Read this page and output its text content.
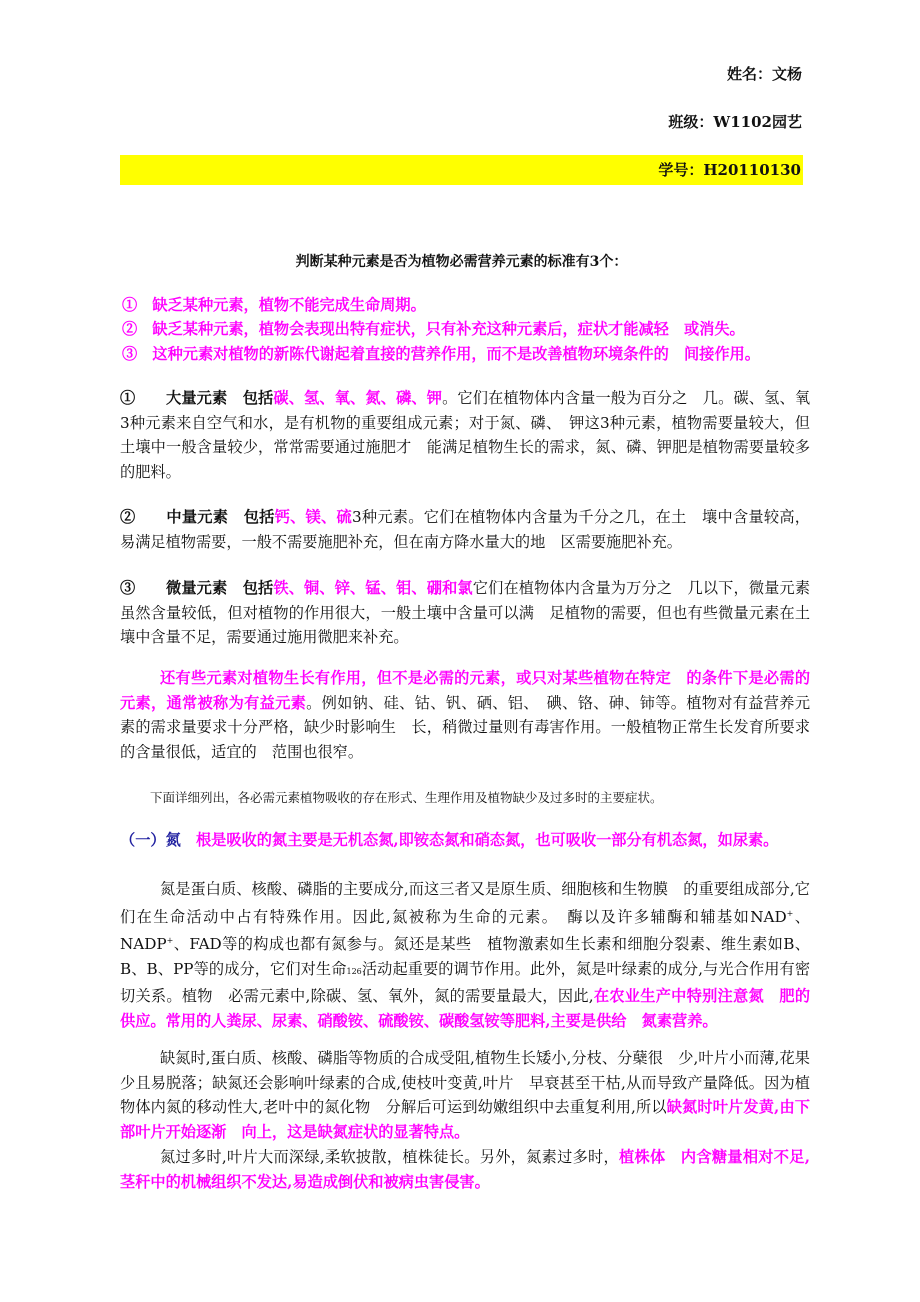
姓名：文杨
班级：W1102园艺
学号：H20110130
判断某种元素是否为植物必需营养元素的标准有3个：
①　缺乏某种元素，植物不能完成生命周期。
②　缺乏某种元素，植物会表现出特有症状，只有补充这种元素后，症状才能减轻　或消失。
③　这种元素对植物的新陈代谢起着直接的营养作用，而不是改善植物环境条件的　间接作用。

①　　大量元素　包括碳、氢、氧、氮、磷、钾。它们在植物体内含量一般为百分之　几。碳、氢、氧3种元素来自空气和水，是有机物的重要组成元素；对于氮、磷、　钾这3种元素，植物需要量较大，但土壤中一般含量较少，常常需要通过施肥才　能满足植物生长的需求，氮、磷、钾肥是植物需要量较多的肥料。

②　　中量元素　包括钙、镁、硫3种元素。它们在植物体内含量为千分之几，在土　壤中含量较高，易满足植物需要，一般不需要施肥补充，但在南方降水量大的地　区需要施肥补充。

③　　微量元素　包括铁、铜、锌、锰、钼、硼和氯它们在植物体内含量为万分之　几以下，微量元素虽然含量较低，但对植物的作用很大，一般土壤中含量可以满　足植物的需要，但也有些微量元素在土壤中含量不足，需要通过施用微肥来补充。

还有些元素对植物生长有作用，但不是必需的元素，或只对某些植物在特定　的条件下是必需的元素，通常被称为有益元素。例如钠、硅、钴、钒、硒、铝、　碘、铬、砷、铈等。植物对有益营养元素的需求量要求十分严格，缺少时影响生　长，稍微过量则有毒害作用。一般植物正常生长发育所要求的含量很低，适宜的　范围也很窄。

下面详细列出，各必需元素植物吸收的存在形式、生理作用及植物缺少及过多时的主要症状。

（一）氮　 根是吸收的氮主要是无机态氮,即铵态氮和硝态氮，也可吸收一部分有机态氮，如尿素。

氮是蛋白质、核酸、磷脂的主要成分,而这三者又是原生质、细胞核和生物膜　的重要组成部分,它们在生命活动中占有特殊作用。因此,氮被称为生命的元素。　酶以及许多辅酶和辅基如NAD+、NADP+、FAD等的构成也都有氮参与。氮还是某些　植物激素如生长素和细胞分裂素、维生素如B、B、B、PP等的成分，它们对生命126活动起重要的调节作用。此外，氮是叶绿素的成分,与光合作用有密切关系。植物　必需元素中,除碳、氢、氧外，氮的需要量最大，因此,在农业生产中特别注意氮　肥的供应。常用的人粪尿、尿素、硝酸铵、硫酸铵、碳酸氢铵等肥料,主要是供给　氮素营养。

缺氮时,蛋白质、核酸、磷脂等物质的合成受阻,植物生长矮小,分枝、分蘖很　少,叶片小而薄,花果少且易脱落；缺氮还会影响叶绿素的合成,使枝叶变黄,叶片　早衰甚至干枯,从而导致产量降低。因为植物体内氮的移动性大,老叶中的氮化物　分解后可运到幼嫩组织中去重复利用,所以缺氮时叶片发黄,由下部叶片开始逐渐　向上，这是缺氮症状的显著特点。

氮过多时,叶片大而深绿,柔软披散，植株徒长。另外，氮素过多时，植株体　内含糖量相对不足,茎秆中的机械组织不发达,易造成倒伏和被病虫害侵害。
